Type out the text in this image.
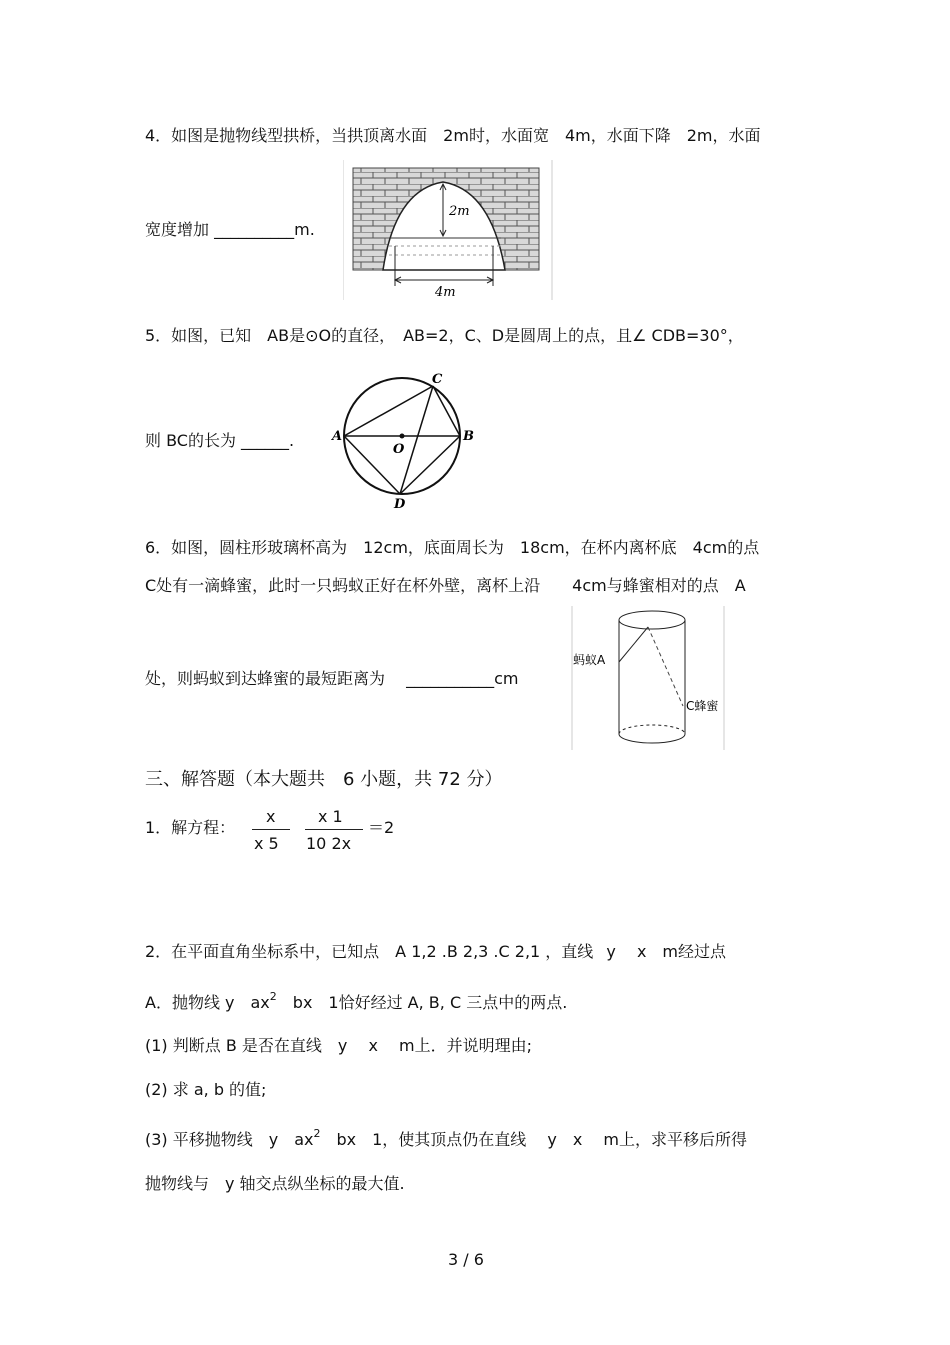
4．如图是抛物线型拱桥，当拱顶离水面　2m时，水面宽　4m，水面下降　2m，水面
宽度增加 __________m.
2m
4m
5．如图，已知　AB是⊙O的直径，　AB=2，C、D是圆周上的点，且∠ CDB=30°，
则 BC的长为 ______.	A	B
C
D
O
6．如图，圆柱形玻璃杯高为　12cm，底面周长为　18cm，在杯内离杯底　4cm的点
C处有一滴蜂蜜，此时一只蚂蚁正好在杯外壁，离杯上沿　　4cm与蜂蜜相对的点　A
处，则蚂蚁到达蜂蜜的最短距离为 ___________cm
蚂蚁A
C蜂蜜
三、解答题（本大题共　6 小题，共 72 分）
1．解方程：
x
x 5
x 1
10 2x
＝2
2．在平面直角坐标系中，已知点　A 1,2 .B 2,3 .C 2,1 ，直线 y　 x　m经过点
A．抛物线 y　$ax^2$　bx　1恰好经过 A, B, C 三点中的两点.
(1) 判断点 B 是否在直线　y　 x　 m上．并说明理由;
(2) 求 a, b 的值;
(3) 平移抛物线　y　$ax^2$　bx　1，使其顶点仍在直线　 y　x　 m上，求平移后所得
抛物线与　y 轴交点纵坐标的最大值.
3 / 6
